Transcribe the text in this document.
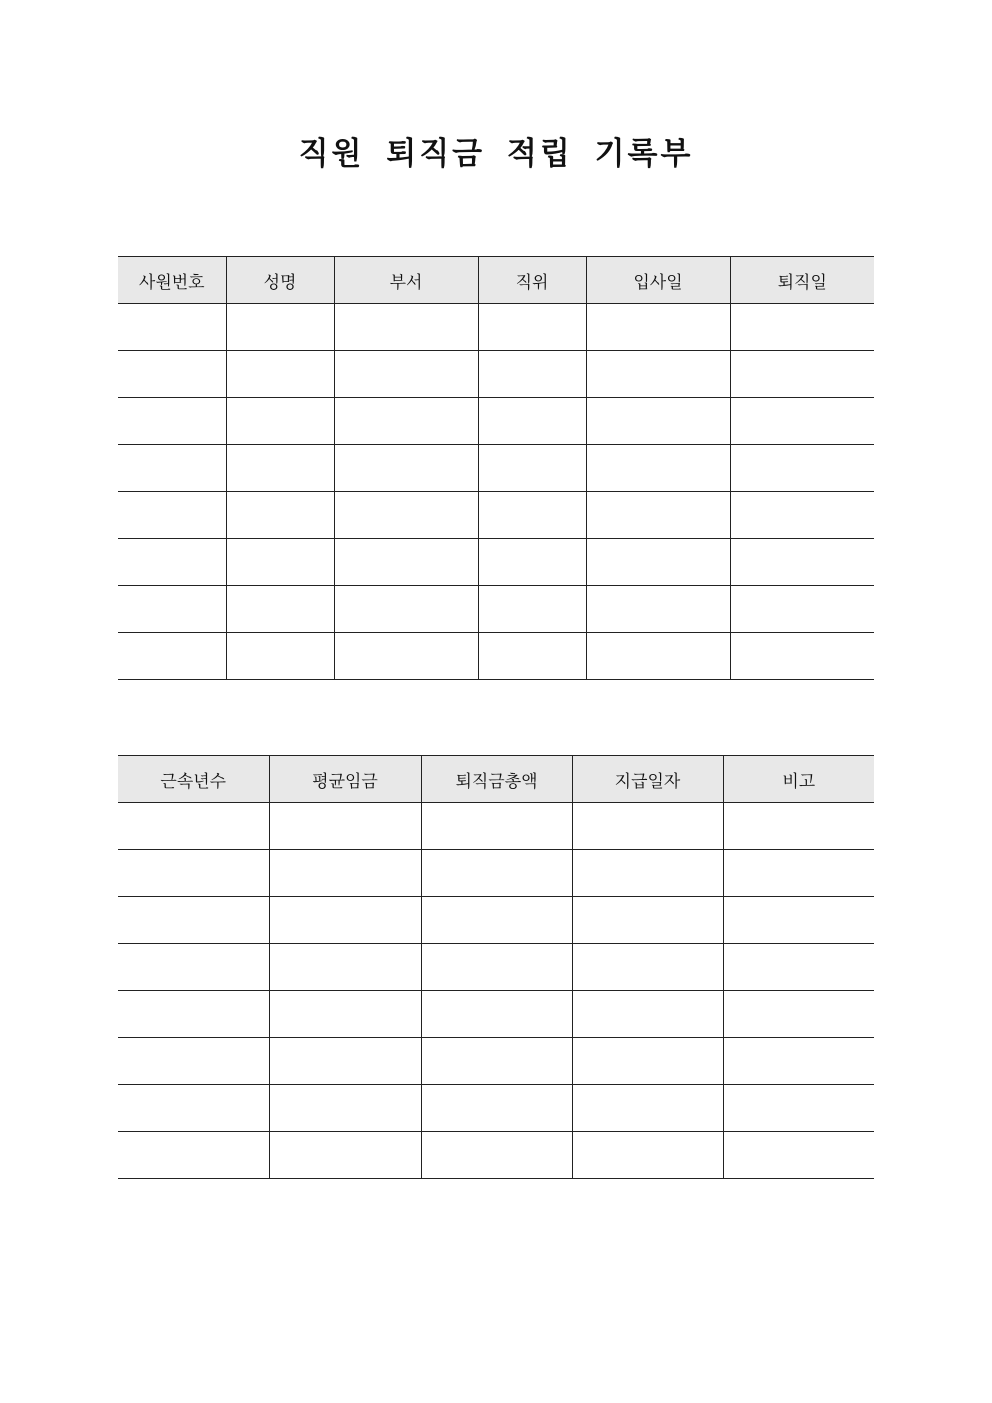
직원 퇴직금 적립 기록부
사원번호	성명	부서	직위	입사일	퇴직일

근속년수	평균임금	퇴직금총액	지급일자	비고
